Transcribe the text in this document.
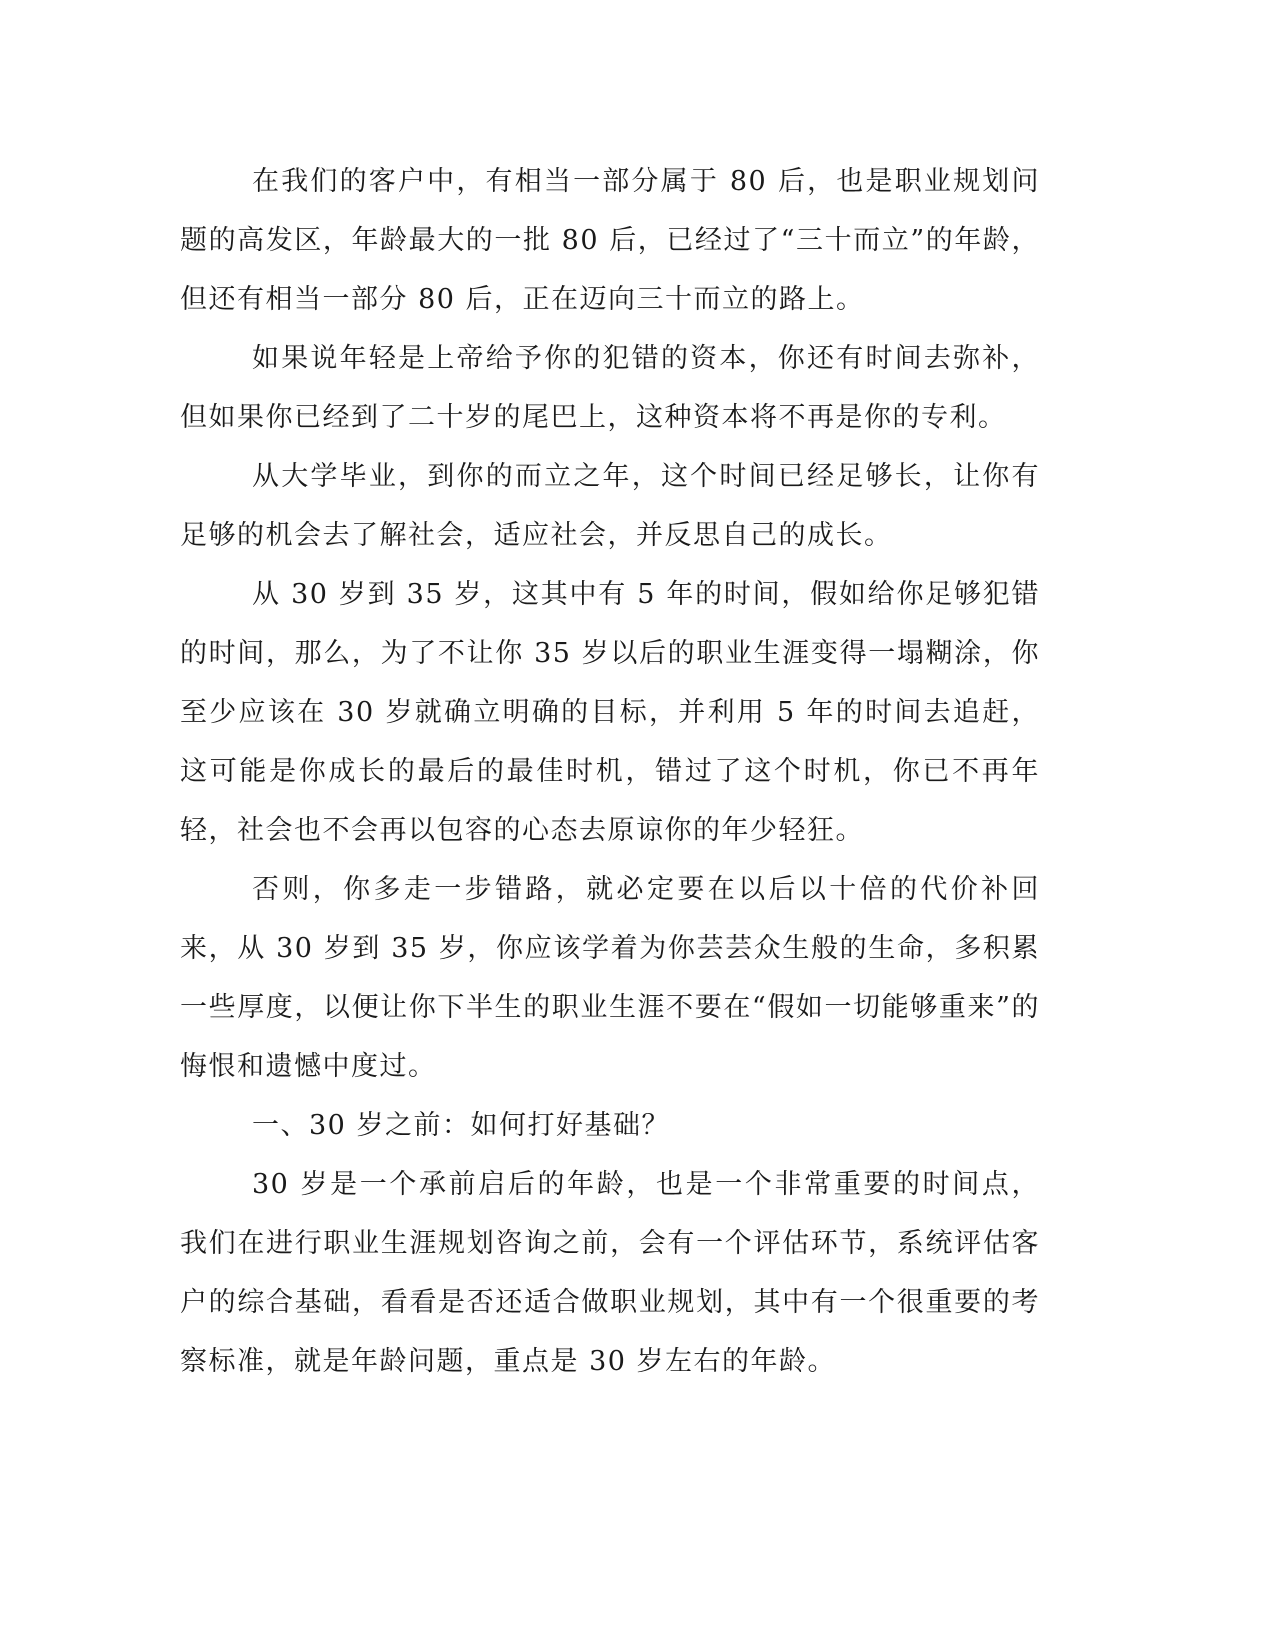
在我们的客户中，有相当一部分属于 80 后，也是职业规划问题的高发区，年龄最大的一批 80 后，已经过了“三十而立”的年龄，但还有相当一部分 80 后，正在迈向三十而立的路上。

如果说年轻是上帝给予你的犯错的资本，你还有时间去弥补，但如果你已经到了二十岁的尾巴上，这种资本将不再是你的专利。

从大学毕业，到你的而立之年，这个时间已经足够长，让你有足够的机会去了解社会，适应社会，并反思自己的成长。

从 30 岁到 35 岁，这其中有 5 年的时间，假如给你足够犯错的时间，那么，为了不让你 35 岁以后的职业生涯变得一塌糊涂，你至少应该在 30 岁就确立明确的目标，并利用 5 年的时间去追赶，这可能是你成长的最后的最佳时机，错过了这个时机，你已不再年轻，社会也不会再以包容的心态去原谅你的年少轻狂。

否则，你多走一步错路，就必定要在以后以十倍的代价补回来，从 30 岁到 35 岁，你应该学着为你芸芸众生般的生命，多积累一些厚度，以便让你下半生的职业生涯不要在“假如一切能够重来”的悔恨和遗憾中度过。

一、30 岁之前：如何打好基础？

30 岁是一个承前启后的年龄，也是一个非常重要的时间点，我们在进行职业生涯规划咨询之前，会有一个评估环节，系统评估客户的综合基础，看看是否还适合做职业规划，其中有一个很重要的考察标准，就是年龄问题，重点是 30 岁左右的年龄。
